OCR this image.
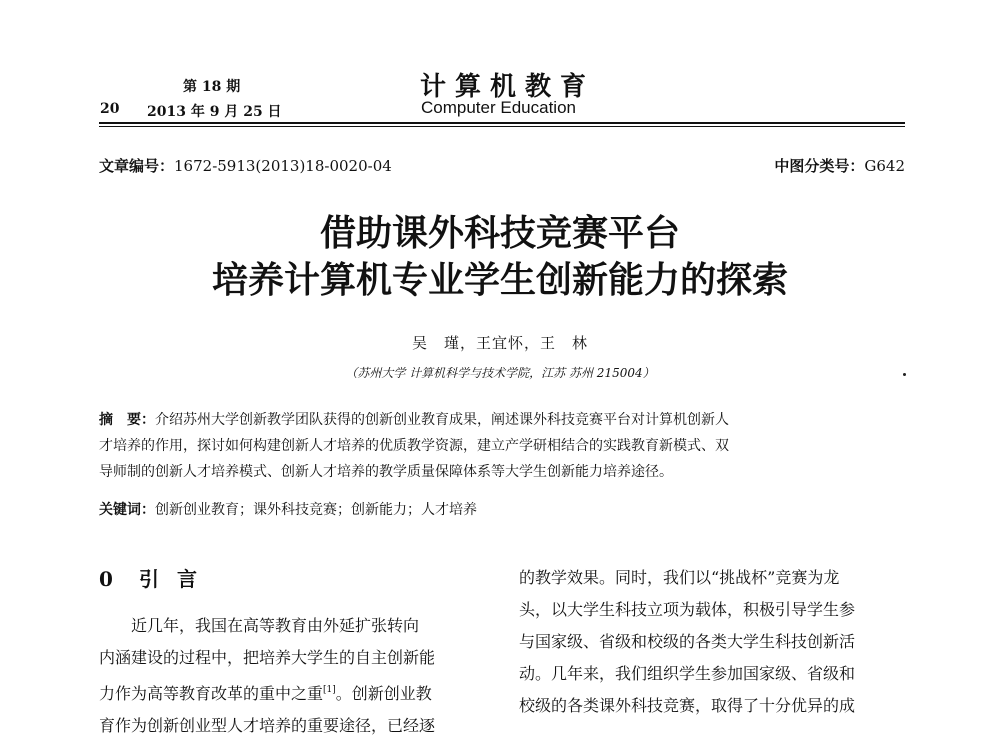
第 18 期
20 2013 年 9 月 25 日
计算机教育
Computer Education
文章编号：1672-5913(2013)18-0020-04	中图分类号：G642
借助课外科技竞赛平台
培养计算机专业学生创新能力的探索
吴　瑾，王宜怀，王　林
（苏州大学 计算机科学与技术学院，江苏 苏州 215004）
摘　要：介绍苏州大学创新教学团队获得的创新创业教育成果，阐述课外科技竞赛平台对计算机创新人
才培养的作用，探讨如何构建创新人才培养的优质教学资源，建立产学研相结合的实践教育新模式、双
导师制的创新人才培养模式、创新人才培养的教学质量保障体系等大学生创新能力培养途径。
关键词：创新创业教育；课外科技竞赛；创新能力；人才培养
0 引言
近几年，我国在高等教育由外延扩张转向
内涵建设的过程中，把培养大学生的自主创新能
力作为高等教育改革的重中之重[1]。创新创业教
育作为创新创业型人才培养的重要途径，已经逐
的教学效果。同时，我们以“挑战杯”竞赛为龙
头，以大学生科技立项为载体，积极引导学生参
与国家级、省级和校级的各类大学生科技创新活
动。几年来，我们组织学生参加国家级、省级和
校级的各类课外科技竞赛，取得了十分优异的成
